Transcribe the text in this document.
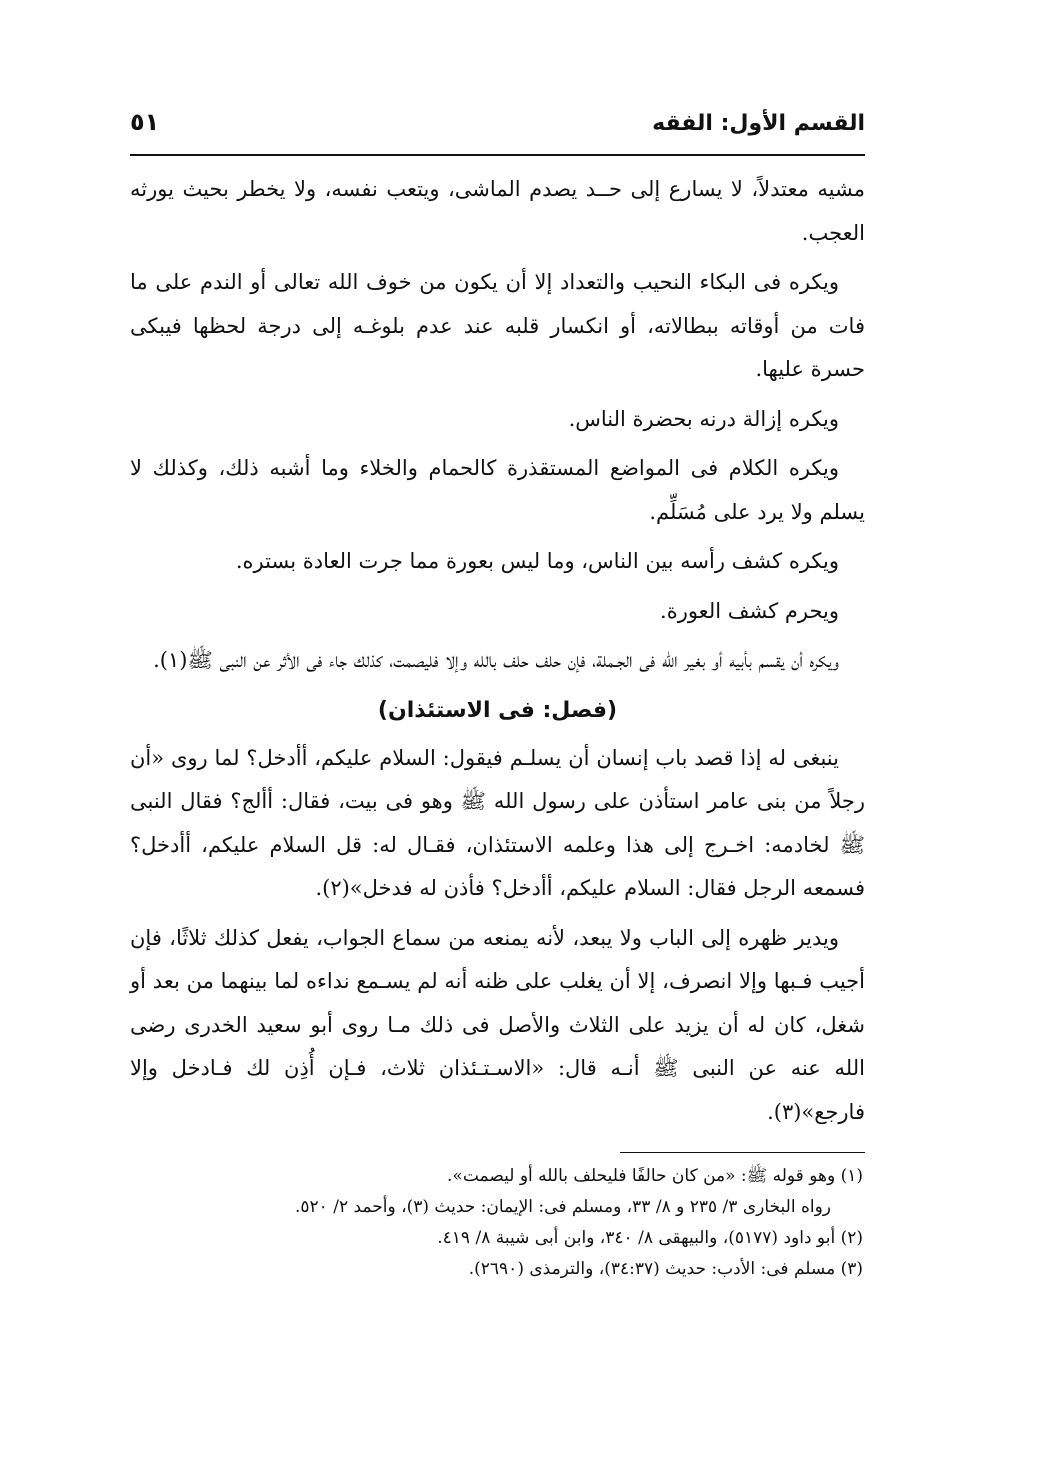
القسم الأول: الفقه
٥١

مشيه معتدلاً، لا يسارع إلى حــد يصدم الماشى، ويتعب نفسه، ولا يخطر بحيث يورثه العجب.

ويكره فى البكاء النحيب والتعداد إلا أن يكون من خوف الله تعالى أو الندم على ما فات من أوقاته ببطالاته، أو انكسار قلبه عند عدم بلوغـه إلى درجة لحظها فيبكى حسرة عليها.

ويكره إزالة درنه بحضرة الناس.

ويكره الكلام فى المواضع المستقذرة كالحمام والخلاء وما أشبه ذلك، وكذلك لا يسلم ولا يرد على مُسَلِّم.

ويكره كشف رأسه بين الناس، وما ليس بعورة مما جرت العادة بستره.

ويحرم كشف العورة.

ويكره أن يقسم بأبيه أو بغير الله فى الجـملة، فإن حلف حلف بالله وإلا فليصمت، كذلك جاء فى الأثر عن النبى ﷺ(١).

(فصل: فى الاستئذان)

ينبغى له إذا قصد باب إنسان أن يسلـم فيقول: السلام عليكم، أأدخل؟ لما روى «أن رجلاً من بنى عامر استأذن على رسول الله ﷺ وهو فى بيت، فقال: أألج؟ فقال النبى ﷺ لخادمه: اخـرج إلى هذا وعلمه الاستئذان، فقـال له: قل السلام عليكم، أأدخل؟ فسمعه الرجل فقال: السلام عليكم، أأدخل؟ فأذن له فدخل»(٢).

ويدير ظهره إلى الباب ولا يبعد، لأنه يمنعه من سماع الجواب، يفعل كذلك ثلاثًا، فإن أجيب فـبها وإلا انصرف، إلا أن يغلب على ظنه أنه لم يسـمع نداءه لما بينهما من بعد أو شغل، كان له أن يزيد على الثلاث والأصل فى ذلك مـا روى أبو سعيد الخدرى رضى الله عنه عن النبى ﷺ أنـه قال: «الاسـتـئذان ثلاث، فـإن أُذِن لك فـادخل وإلا فارجع»(٣).

(١) وهو قوله ﷺ: «من كان حالفًا فليحلف بالله أو ليصمت».

رواه البخارى ٣/ ٢٣٥ و ٨/ ٣٣، ومسلم فى: الإيمان: حديث (٣)، وأحمد ٢/ ٥٢٠.

(٢) أبو داود (٥١٧٧)، والبيهقى ٨/ ٣٤٠، وابن أبى شيبة ٨/ ٤١٩.

(٣) مسلم فى: الأدب: حديث (٣٤:٣٧)، والترمذى (٢٦٩٠).
